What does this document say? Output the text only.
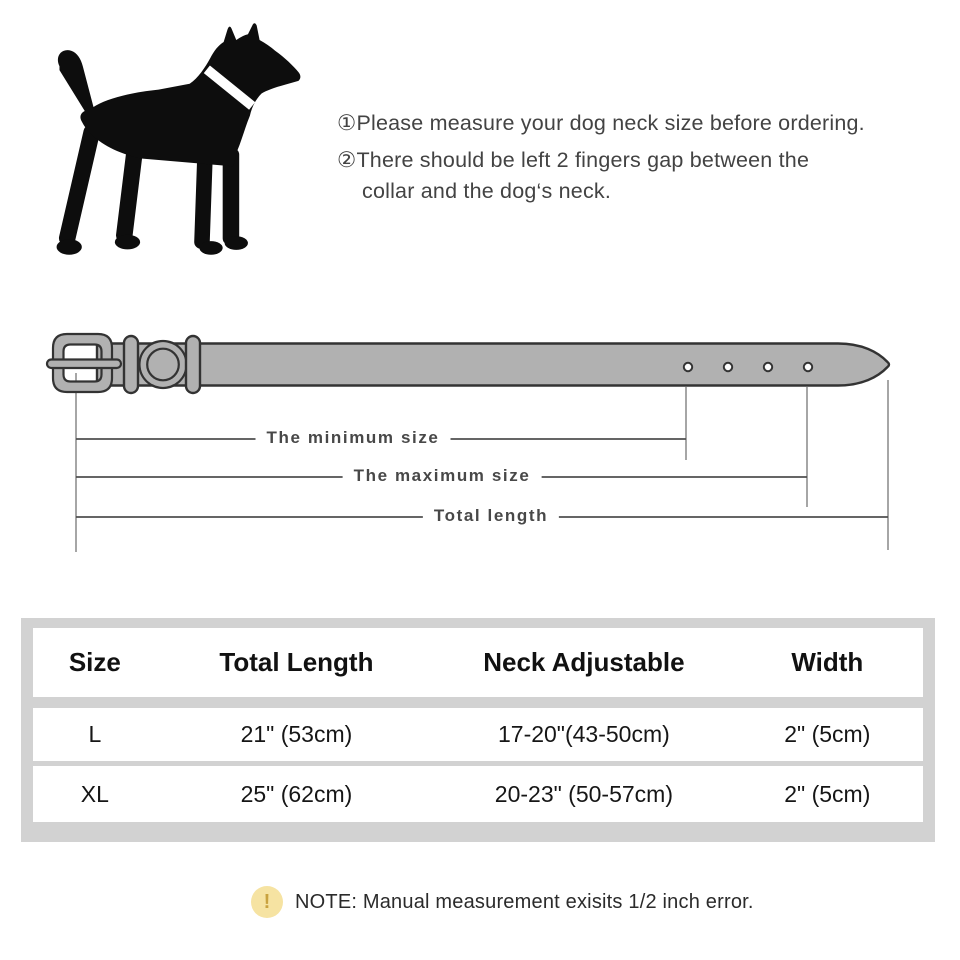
①Please measure your dog neck size before ordering.
②There should be left 2 fingers gap between the
collar and the dog‘s neck.
The minimum size
The maximum size
Total length
Size	Total Length	Neck Adjustable	Width
L	21" (53cm)	17-20"(43-50cm)	2" (5cm)
XL	25" (62cm)	20-23" (50-57cm)	2" (5cm)
!	NOTE: Manual measurement exisits 1/2 inch error.
